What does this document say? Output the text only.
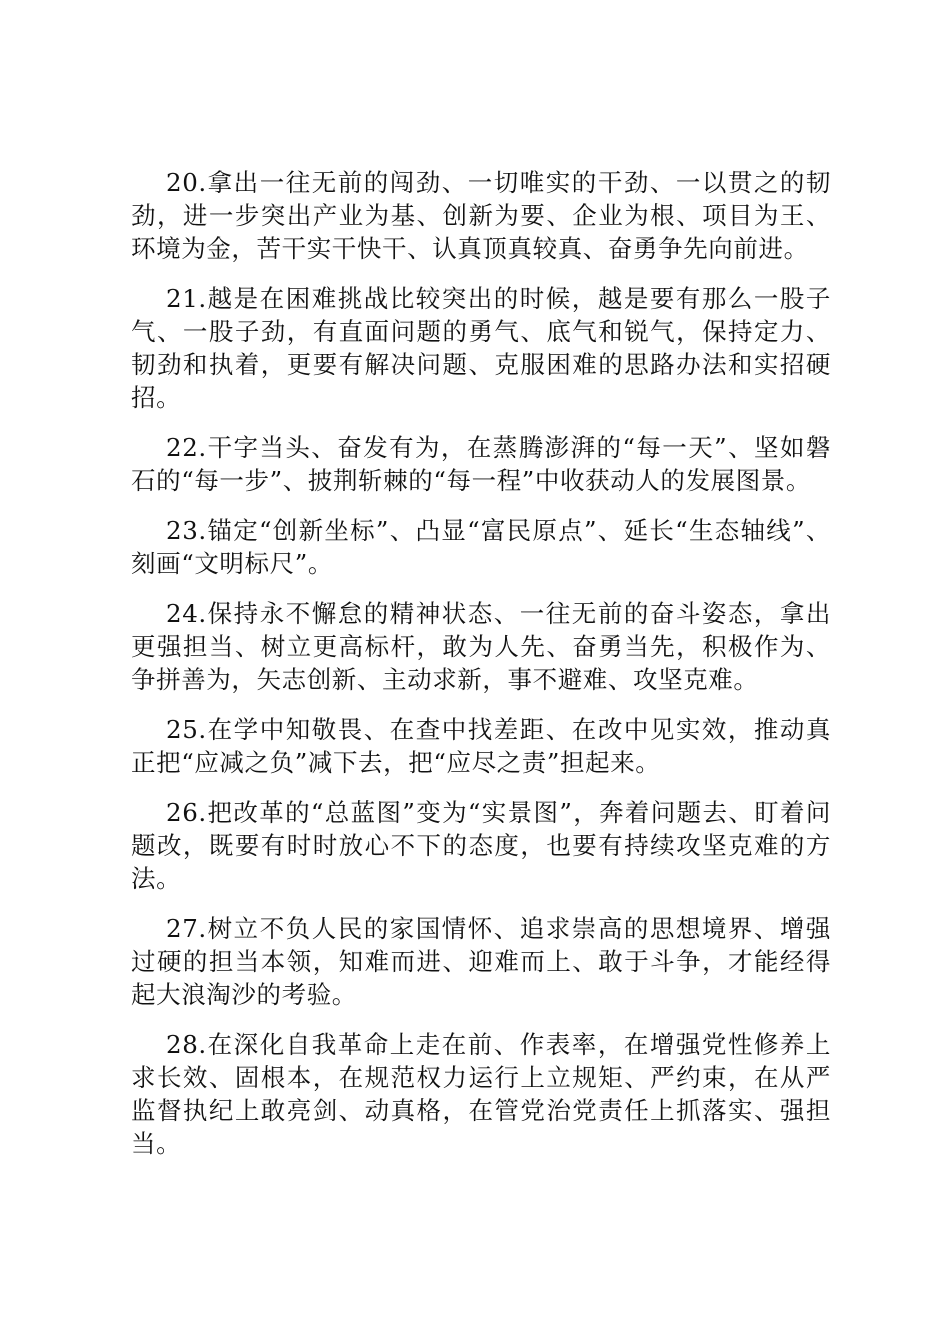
20.拿出一往无前的闯劲、一切唯实的干劲、一以贯之的韧劲，进一步突出产业为基、创新为要、企业为根、项目为王、环境为金，苦干实干快干、认真顶真较真、奋勇争先向前进。

21.越是在困难挑战比较突出的时候，越是要有那么一股子气、一股子劲，有直面问题的勇气、底气和锐气，保持定力、韧劲和执着，更要有解决问题、克服困难的思路办法和实招硬招。

22.干字当头、奋发有为，在蒸腾澎湃的“每一天”、坚如磐石的“每一步”、披荆斩棘的“每一程”中收获动人的发展图景。

23.锚定“创新坐标”、凸显“富民原点”、延长“生态轴线”、刻画“文明标尺”。

24.保持永不懈怠的精神状态、一往无前的奋斗姿态，拿出更强担当、树立更高标杆，敢为人先、奋勇当先，积极作为、争拼善为，矢志创新、主动求新，事不避难、攻坚克难。

25.在学中知敬畏、在查中找差距、在改中见实效，推动真正把“应减之负”减下去，把“应尽之责”担起来。

26.把改革的“总蓝图”变为“实景图”，奔着问题去、盯着问题改，既要有时时放心不下的态度，也要有持续攻坚克难的方法。

27.树立不负人民的家国情怀、追求崇高的思想境界、增强过硬的担当本领，知难而进、迎难而上、敢于斗争，才能经得起大浪淘沙的考验。

28.在深化自我革命上走在前、作表率，在增强党性修养上求长效、固根本，在规范权力运行上立规矩、严约束，在从严监督执纪上敢亮剑、动真格，在管党治党责任上抓落实、强担当。
